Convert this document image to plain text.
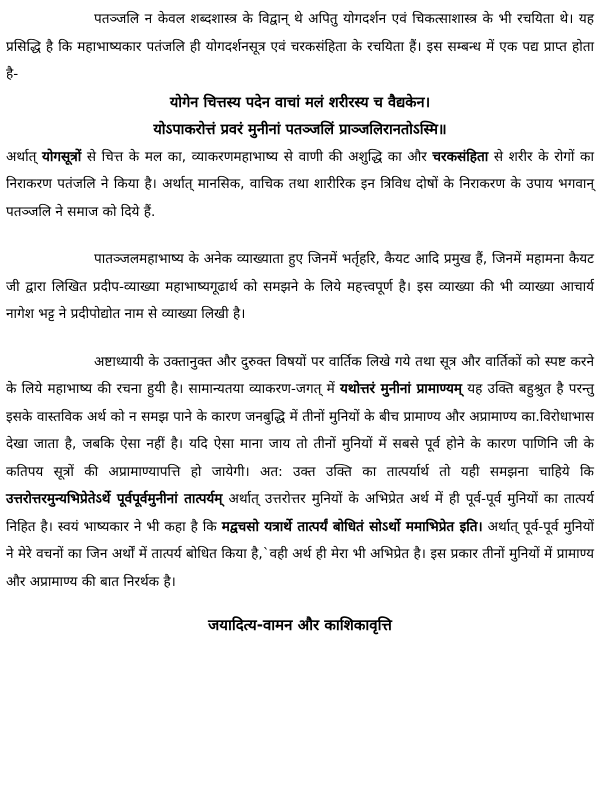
पतञ्जलि न केवल शब्दशास्त्र के विद्वान् थे अपितु योगदर्शन एवं चिकत्साशास्त्र के भी रचयिता थे। यह प्रसिद्धि है कि महाभाष्यकार पतंजलि ही योगदर्शनसूत्र एवं चरकसंहिता के रचयिता हैं। इस सम्बन्ध में एक पद्य प्राप्त होता है-

योगेन चित्तस्य पदेन वाचां मलं शरीरस्य च वैद्यकेन।
योऽपाकरोत्तं प्रवरं मुनीनां पतञ्जलिं प्राञ्जलिरानतोऽस्मि॥

अर्थात् योगसूत्रों से चित्त के मल का, व्याकरणमहाभाष्य से वाणी की अशुद्धि का और चरकसंहिता से शरीर के रोगों का निराकरण पतंजलि ने किया है। अर्थात् मानसिक, वाचिक तथा शारीरिक इन त्रिविध दोषों के निराकरण के उपाय भगवान् पतञ्जलि ने समाज को दिये हैं.

पातञ्जलमहाभाष्य के अनेक व्याख्याता हुए जिनमें भर्तृहरि, कैयट आदि प्रमुख हैं, जिनमें महामना कैयट जी द्वारा लिखित प्रदीप-व्याख्या महाभाष्यगूढार्थ को समझने के लिये महत्त्वपूर्ण है। इस व्याख्या की भी व्याख्या आचार्य नागेश भट्ट ने प्रदीपोद्योत नाम से व्याख्या लिखी है।

अष्टाध्यायी के उक्तानुक्त और दुरुक्त विषयों पर वार्तिक लिखे गये तथा सूत्र और वार्तिकों को स्पष्ट करने के लिये महाभाष्य की रचना हुयी है। सामान्यतया व्याकरण-जगत् में यथोत्तरं मुनीनां प्रामाण्यम् यह उक्ति बहुश्रुत है परन्तु इसके वास्तविक अर्थ को न समझ पाने के कारण जनबुद्धि में तीनों मुनियों के बीच प्रामाण्य और अप्रामाण्य का.विरोधाभास देखा जाता है, जबकि ऐसा नहीं है। यदि ऐसा माना जाय तो तीनों मुनियों में सबसे पूर्व होने के कारण पाणिनि जी के कतिपय सूत्रों की अप्रामाण्यापत्ति हो जायेगी। अत: उक्त उक्ति का तात्पर्यार्थ तो यही समझना चाहिये कि उत्तरोत्तरमुन्यभिप्रेतेऽर्थे पूर्वपूर्वमुनीनां तात्पर्यम् अर्थात् उत्तरोत्तर मुनियों के अभिप्रेत अर्थ में ही पूर्व-पूर्व मुनियों का तात्पर्य निहित है। स्वयं भाष्यकार ने भी कहा है कि मद्वचसो यत्रार्थे तात्पर्यं बोधितं सोऽर्थो ममाभिप्रेत इति। अर्थात् पूर्व-पूर्व मुनियों ने मेरे वचनों का जिन अर्थों में तात्पर्य बोधित किया है,`वही अर्थ ही मेरा भी अभिप्रेत है। इस प्रकार तीनों मुनियों में प्रामाण्य और अप्रामाण्य की बात निरर्थक है।

जयादित्य-वामन और काशिकावृत्ति
